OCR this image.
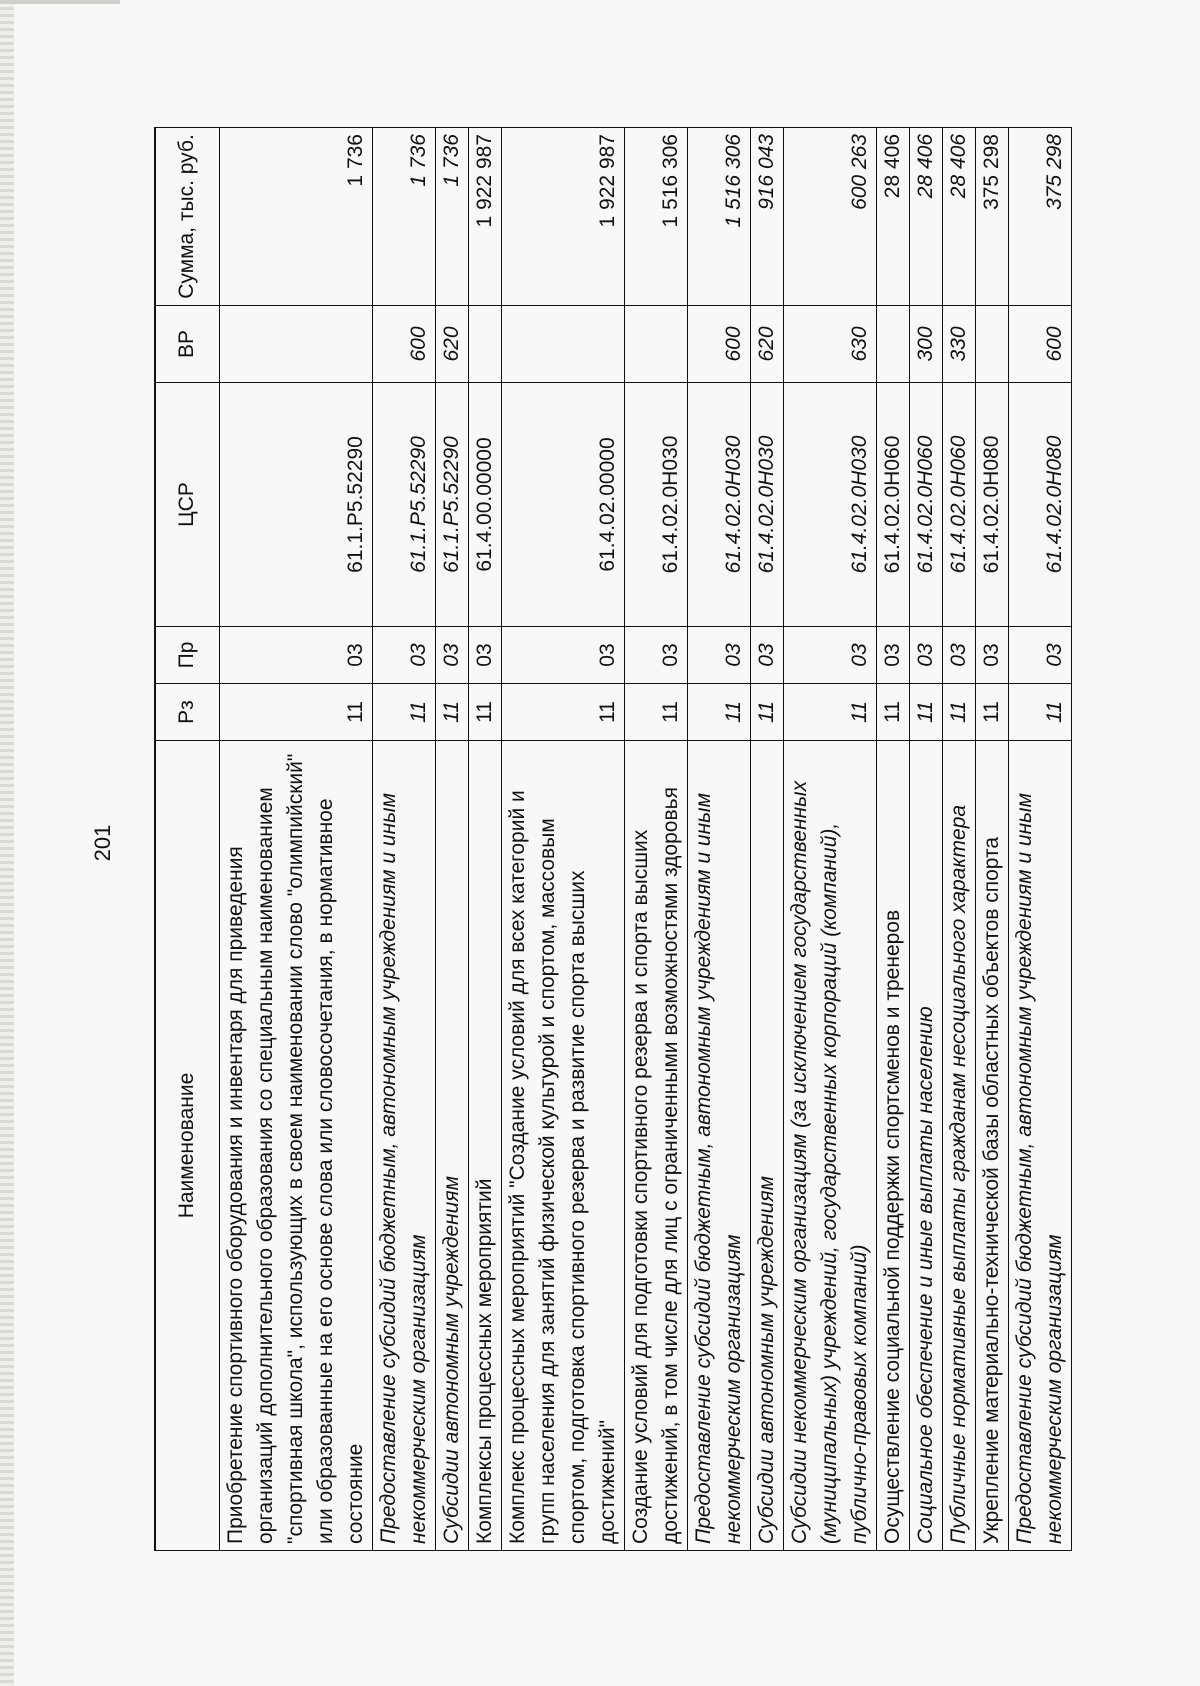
201
Наименование	Рз	Пр	ЦСР	ВР	Сумма, тыс. руб.
Приобретение спортивного оборудования и инвентаря для приведения организаций дополнительного образования со специальным наименованием "спортивная школа", использующих в своем наименовании слово "олимпийский" или образованные на его основе слова или словосочетания, в нормативное состояние	11	03	61.1.P5.52290		1 736
Предоставление субсидий бюджетным, автономным учреждениям и иным некоммерческим организациям	11	03	61.1.P5.52290	600	1 736
Субсидии автономным учреждениям	11	03	61.1.P5.52290	620	1 736
Комплексы процессных мероприятий	11	03	61.4.00.00000		1 922 987
Комплекс процессных мероприятий "Создание условий для всех категорий и групп населения для занятий физической культурой и спортом, массовым спортом, подготовка спортивного резерва и развитие спорта высших достижений"	11	03	61.4.02.00000		1 922 987
Создание условий для подготовки спортивного резерва и спорта высших достижений, в том числе для лиц с ограниченными возможностями здоровья	11	03	61.4.02.0Н030		1 516 306
Предоставление субсидий бюджетным, автономным учреждениям и иным некоммерческим организациям	11	03	61.4.02.0Н030	600	1 516 306
Субсидии автономным учреждениям	11	03	61.4.02.0Н030	620	916 043
Субсидии некоммерческим организациям (за исключением государственных (муниципальных) учреждений, государственных корпораций (компаний), публично-правовых компаний)	11	03	61.4.02.0Н030	630	600 263
Осуществление социальной поддержки спортсменов и тренеров	11	03	61.4.02.0Н060		28 406
Социальное обеспечение и иные выплаты населению	11	03	61.4.02.0Н060	300	28 406
Публичные нормативные выплаты гражданам несоциального характера	11	03	61.4.02.0Н060	330	28 406
Укрепление материально-технической базы областных объектов спорта	11	03	61.4.02.0Н080		375 298
Предоставление субсидий бюджетным, автономным учреждениям и иным некоммерческим организациям	11	03	61.4.02.0Н080	600	375 298
